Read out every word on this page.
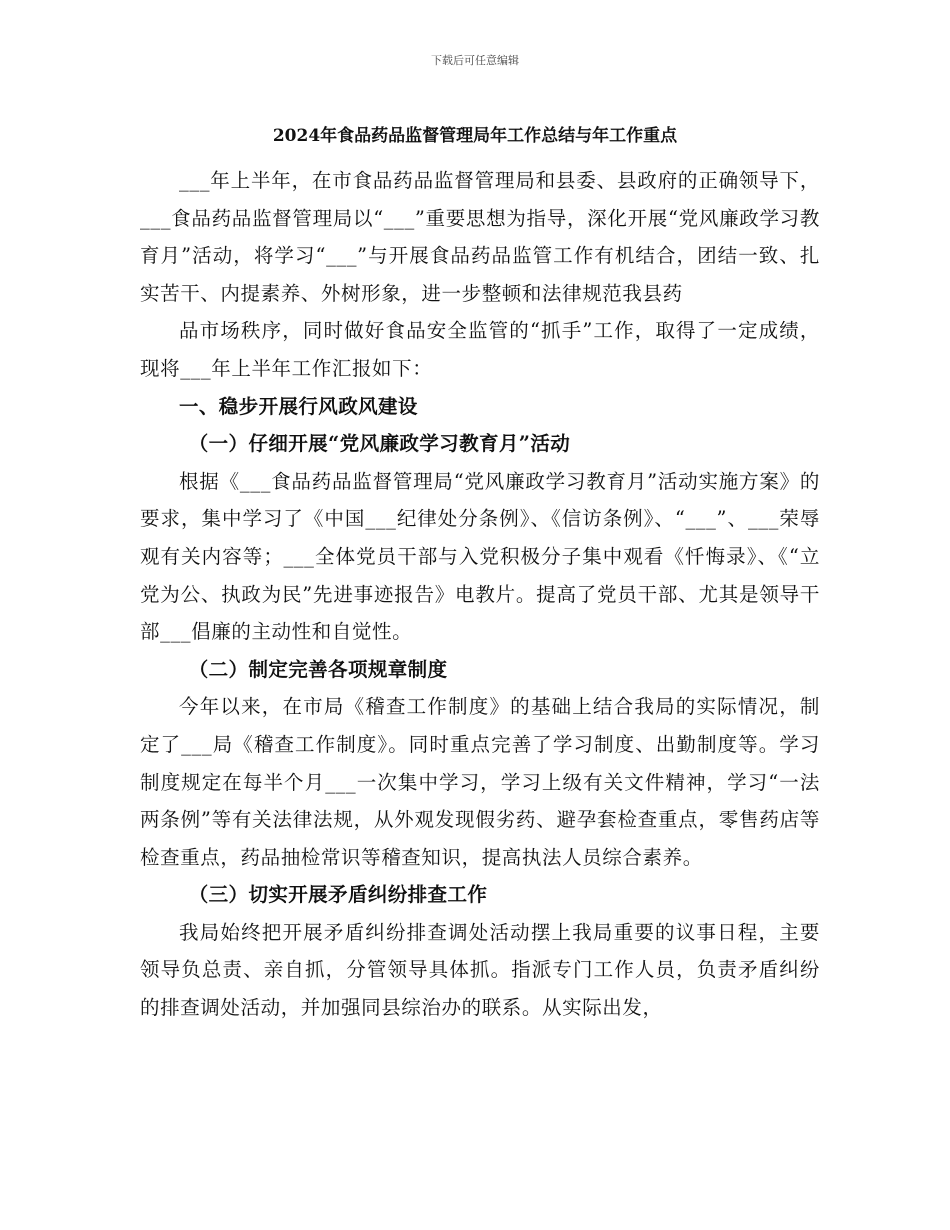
下载后可任意编辑
2024年食品药品监督管理局年工作总结与年工作重点

___年上半年，在市食品药品监督管理局和县委、县政府的正确领导下，___食品药品监督管理局以“___”重要思想为指导，深化开展“党风廉政学习教育月”活动，将学习“___”与开展食品药品监管工作有机结合，团结一致、扎实苦干、内提素养、外树形象，进一步整顿和法律规范我县药

品市场秩序，同时做好食品安全监管的“抓手”工作，取得了一定成绩，现将___年上半年工作汇报如下：

一、稳步开展行风政风建设

（一）仔细开展“党风廉政学习教育月”活动

根据《___食品药品监督管理局“党风廉政学习教育月”活动实施方案》的要求，集中学习了《中国___纪律处分条例》、《信访条例》、“___”、___荣辱观有关内容等；___全体党员干部与入党积极分子集中观看《忏悔录》、《“立党为公、执政为民”先进事迹报告》电教片。提高了党员干部、尤其是领导干部___倡廉的主动性和自觉性。

（二）制定完善各项规章制度

今年以来，在市局《稽查工作制度》的基础上结合我局的实际情况，制定了___局《稽查工作制度》。同时重点完善了学习制度、出勤制度等。学习制度规定在每半个月___一次集中学习，学习上级有关文件精神，学习“一法两条例”等有关法律法规，从外观发现假劣药、避孕套检查重点，零售药店等检查重点，药品抽检常识等稽查知识，提高执法人员综合素养。

（三）切实开展矛盾纠纷排查工作

我局始终把开展矛盾纠纷排查调处活动摆上我局重要的议事日程，主要领导负总责、亲自抓，分管领导具体抓。指派专门工作人员，负责矛盾纠纷的排查调处活动，并加强同县综治办的联系。从实际出发，
